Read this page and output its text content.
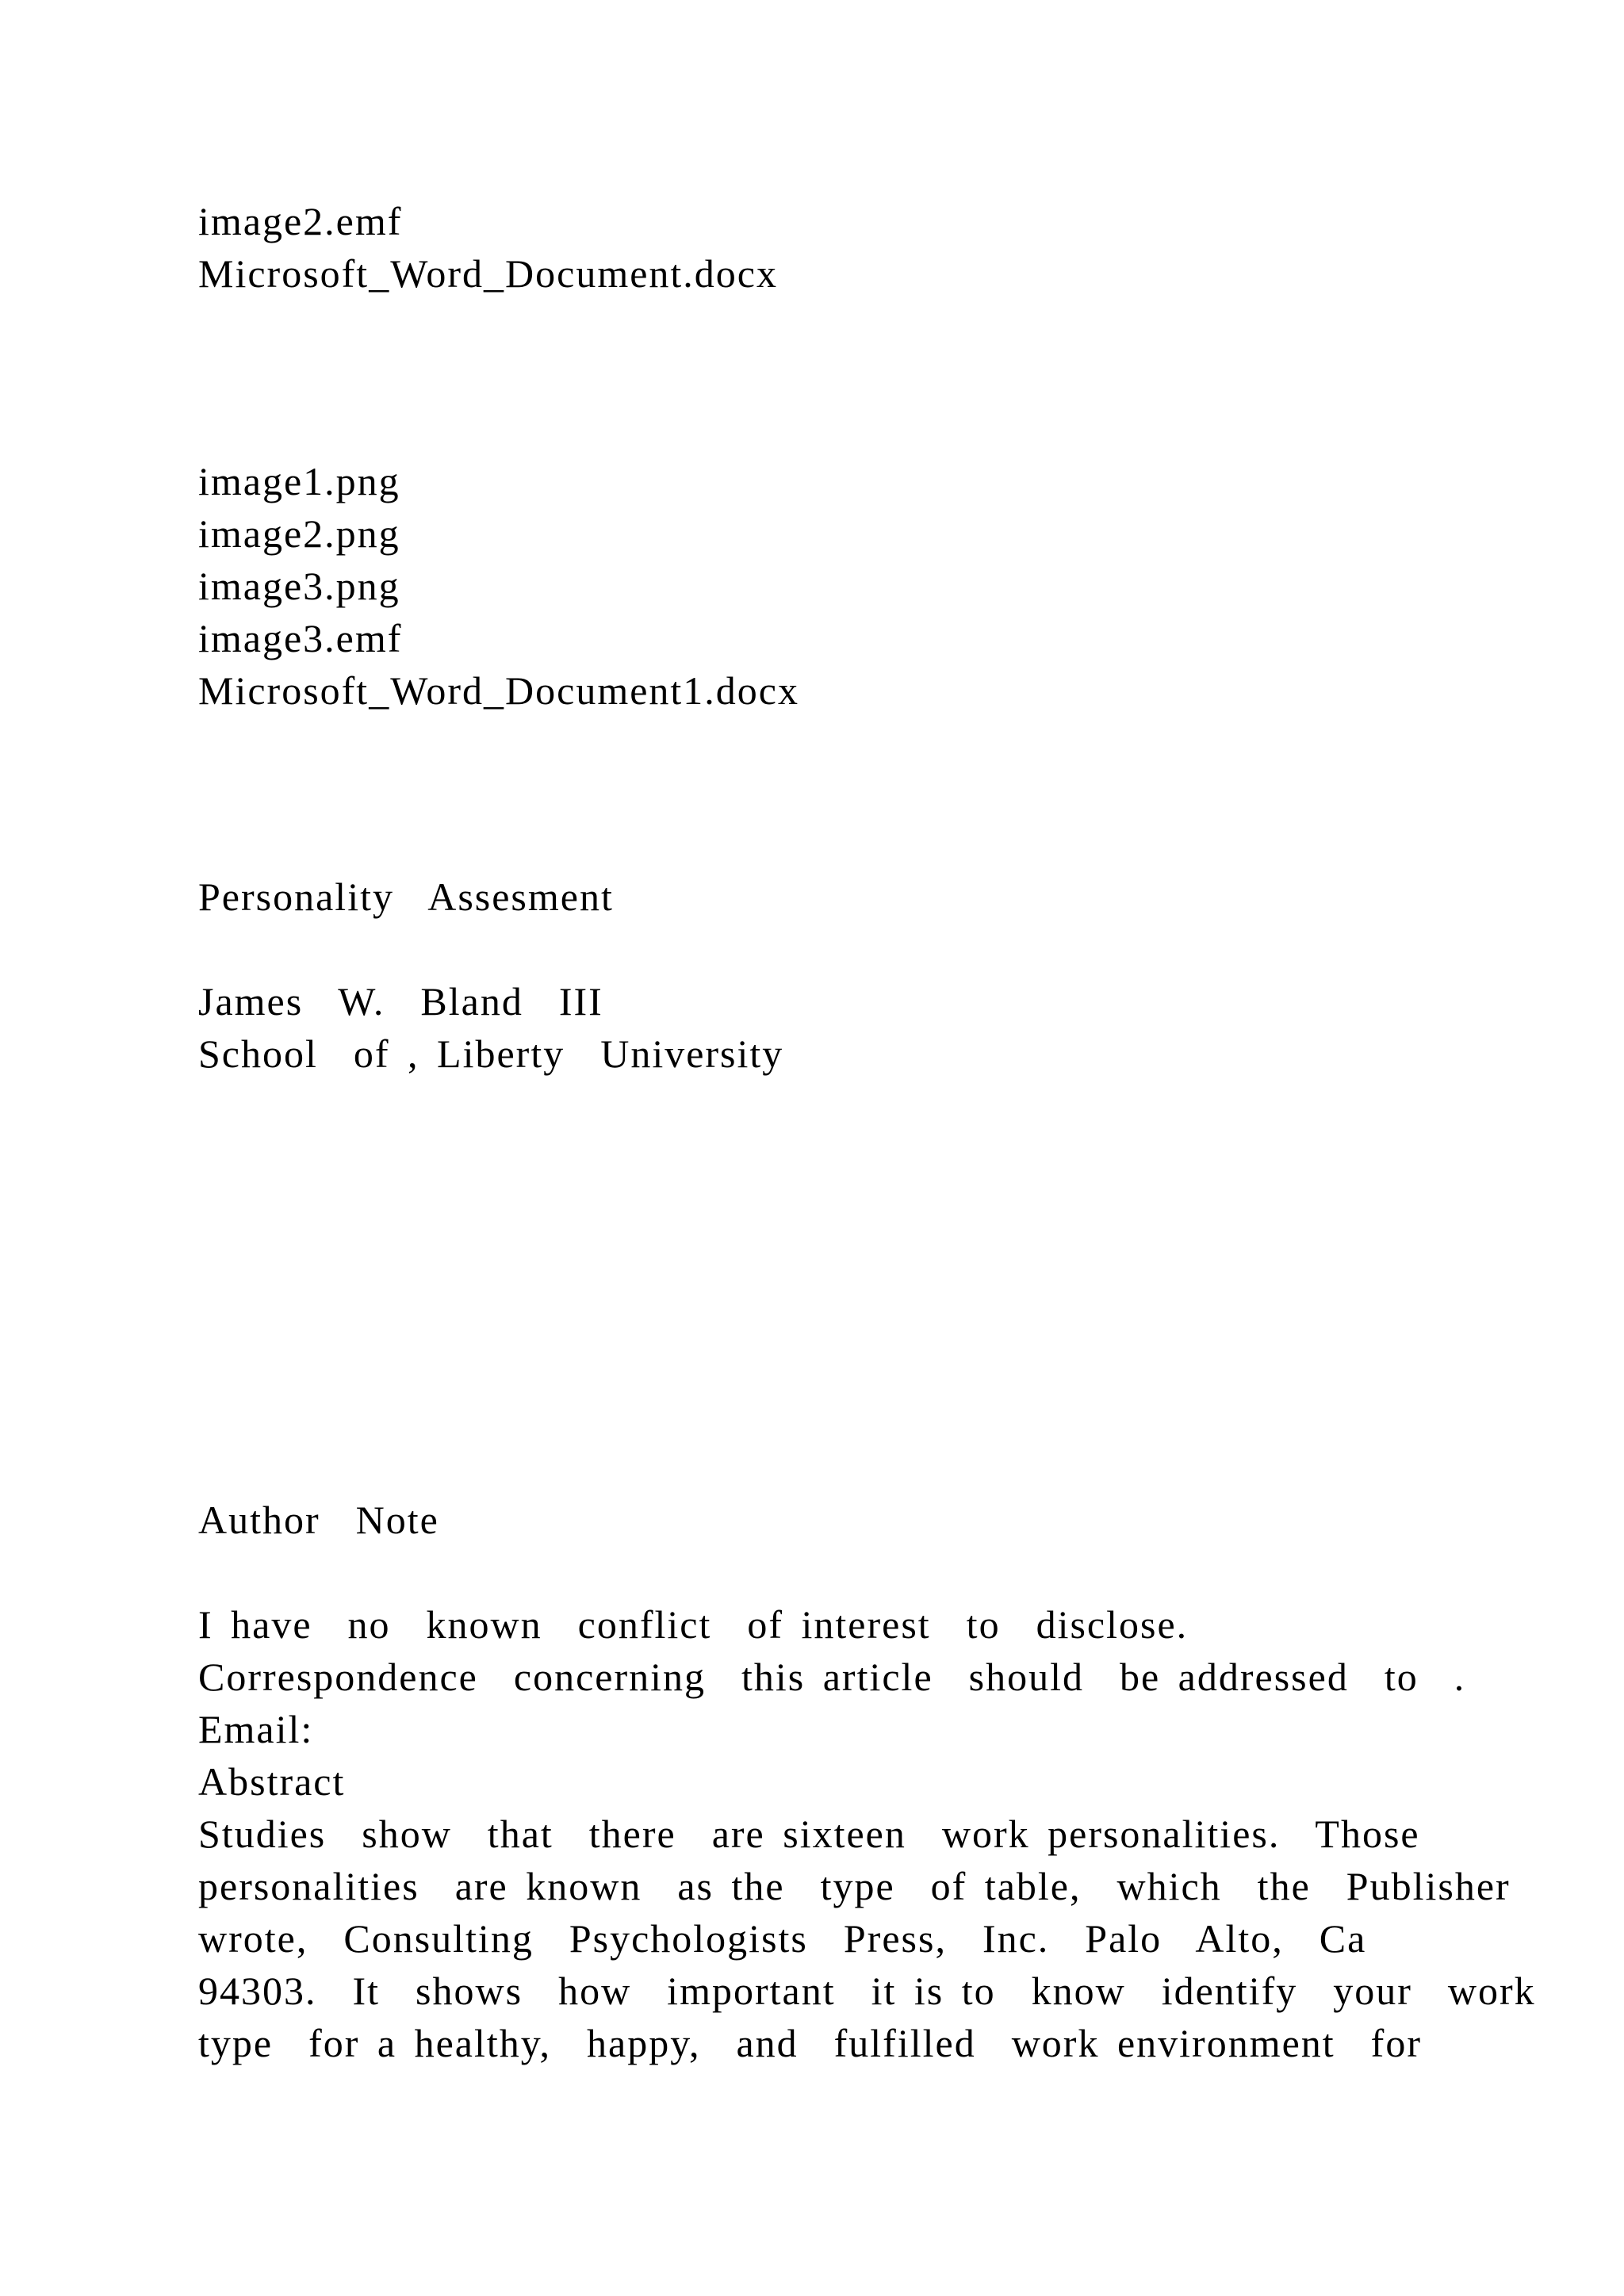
image2.emf

Microsoft_Word_Document.docx

image1.png

image2.png

image3.png

image3.emf

Microsoft_Word_Document1.docx

Personality  Assesment

James  W.  Bland  III

School  of , Liberty  University

Author  Note

I have  no  known  conflict  of interest  to  disclose.

Correspondence  concerning  this article  should  be addressed  to  .

Email:

Abstract

Studies  show  that  there  are sixteen  work personalities.  Those

personalities  are known  as the  type  of table,  which  the  Publisher

wrote,  Consulting  Psychologists  Press,  Inc.  Palo  Alto,  Ca

94303.  It  shows  how  important  it is to  know  identify  your  work

type  for a healthy,  happy,  and  fulfilled  work environment  for
